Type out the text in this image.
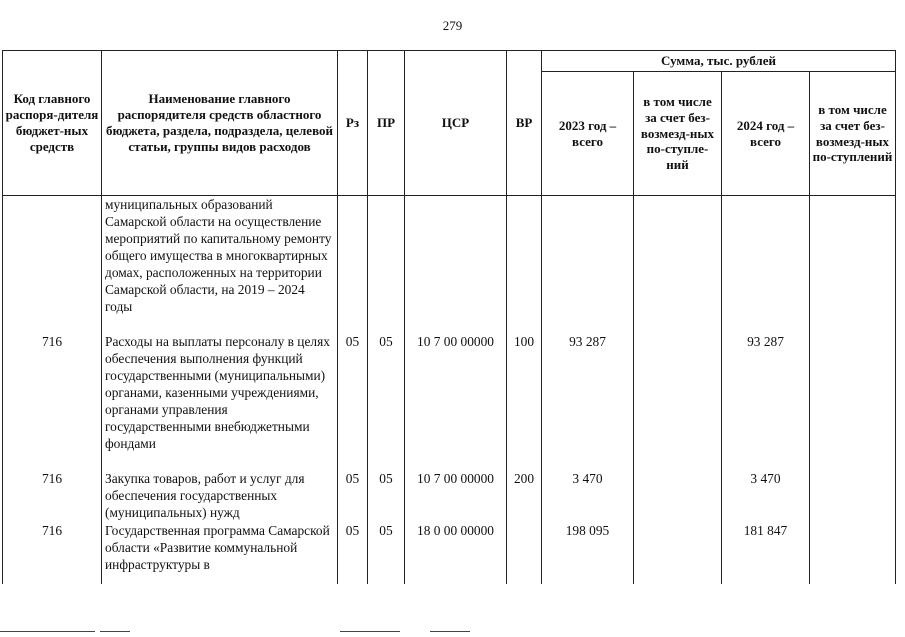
279
Код главного распоря-дителя бюджет-ных средств	Наименование главного распорядителя средств областного бюджета, раздела, подраздела, целевой статьи, группы видов расходов	Рз	ПР	ЦСР	ВР	Сумма, тыс. рублей			
						2023 год – всего	в том числе за счет без-возмезд-ных по-ступле-ний	2024 год – всего	в том числе за счет без-возмезд-ных по-ступлений
	муниципальных образований Самарской области на осуществление мероприятий по капитальному ремонту общего имущества в многоквартирных домах, расположенных на территории Самарской области, на 2019 – 2024 годы								
716	Расходы на выплаты персоналу в целях обеспечения выполнения функций государственными (муниципальными) органами, казенными учреждениями, органами управления государственными внебюджетными фондами	05	05	10 7 00 00000	100	93 287		93 287	
716	Закупка товаров, работ и услуг для обеспечения государственных (муниципальных) нужд	05	05	10 7 00 00000	200	3 470		3 470	
716	Государственная программа Самарской области «Развитие коммунальной инфраструктуры в	05	05	18 0 00 00000		198 095		181 847	
